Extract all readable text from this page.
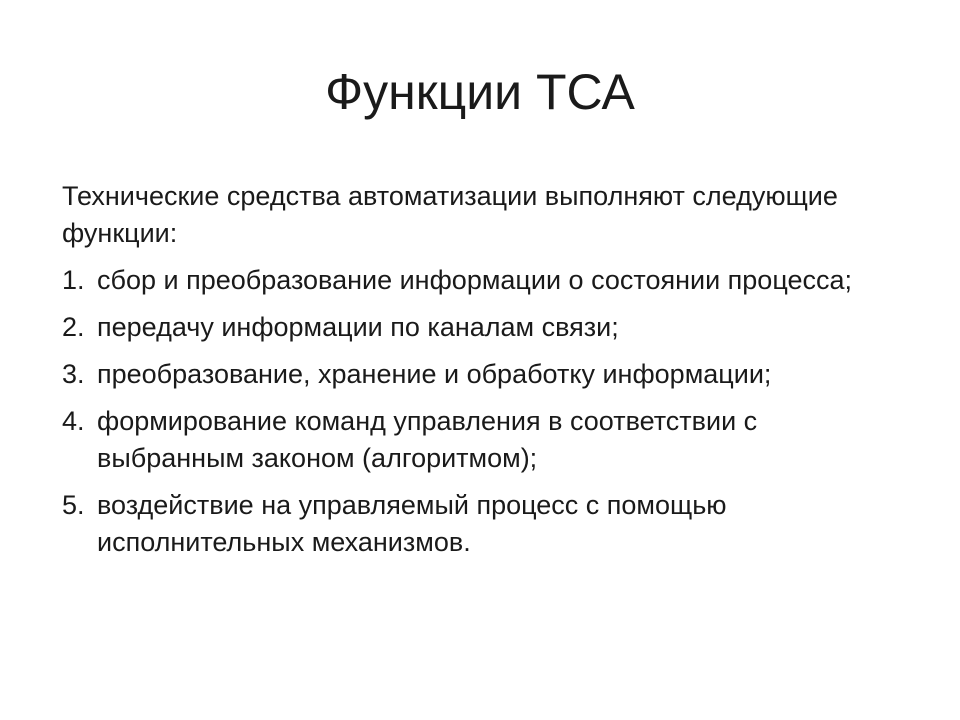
Функции ТСА

Технические средства автоматизации выполняют следующие функции:

1. сбор и преобразование информации о состоянии процесса;
2. передачу информации по каналам связи;
3. преобразование, хранение и обработку информации;
4. формирование команд управления в соответствии с выбранным законом (алгоритмом);
5. воздействие на управляемый процесс с помощью исполнительных механизмов.
